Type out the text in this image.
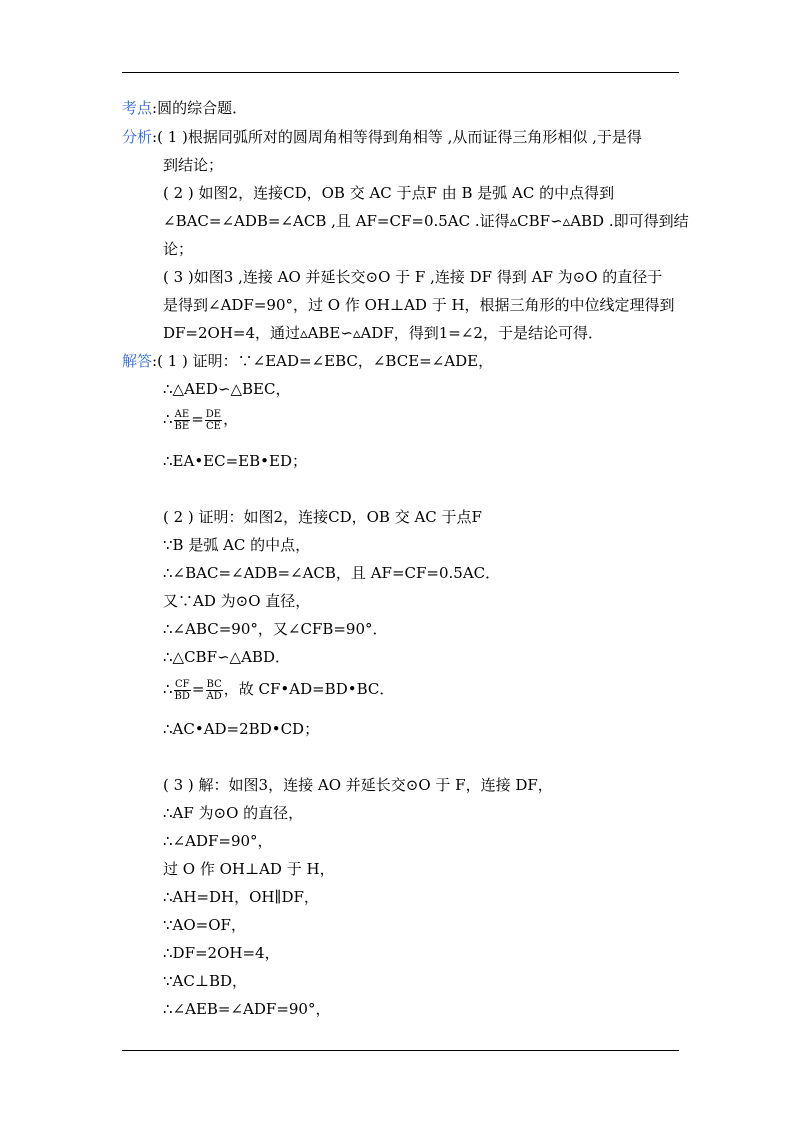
考点:圆的综合题．
分析:( 1 )根据同弧所对的圆周角相等得到角相等 ,从而证得三角形相似 ,于是得
到结论；
( 2 ) 如图2，连接CD，OB 交 AC 于点F 由 B 是弧 AC 的中点得到
∠BAC=∠ADB=∠ACB ,且 AF=CF=0.5AC .证得▵CBF∽▵ABD .即可得到结
论；
( 3 )如图3 ,连接 AO 并延长交⊙O 于 F ,连接 DF 得到 AF 为⊙O 的直径于
是得到∠ADF=90°，过 O 作 OH⊥AD 于 H，根据三角形的中位线定理得到
DF=2OH=4，通过▵ABE∽▵ADF，得到1=∠2，于是结论可得．
解答:( 1 ) 证明：∵∠EAD=∠EBC，∠BCE=∠ADE，
∴△AED∽△BEC，
∴ $\frac{AE}{BE} = \frac{DE}{CE}$ ，
∴EA•EC=EB•ED；
( 2 ) 证明：如图2，连接CD，OB 交 AC 于点F
∵B 是弧 AC 的中点，
∴∠BAC=∠ADB=∠ACB，且 AF=CF=0.5AC．
又∵AD 为⊙O 直径，
∴∠ABC=90°，又∠CFB=90°．
∴△CBF∽△ABD．
∴ $\frac{CF}{BD} = \frac{BC}{AD}$ ，故 CF•AD=BD•BC．
∴AC•AD=2BD•CD；
( 3 ) 解：如图3，连接 AO 并延长交⊙O 于 F，连接 DF，
∴AF 为⊙O 的直径，
∴∠ADF=90°，
过 O 作 OH⊥AD 于 H，
∴AH=DH，OH∥DF，
∵AO=OF，
∴DF=2OH=4，
∵AC⊥BD，
∴∠AEB=∠ADF=90°，
